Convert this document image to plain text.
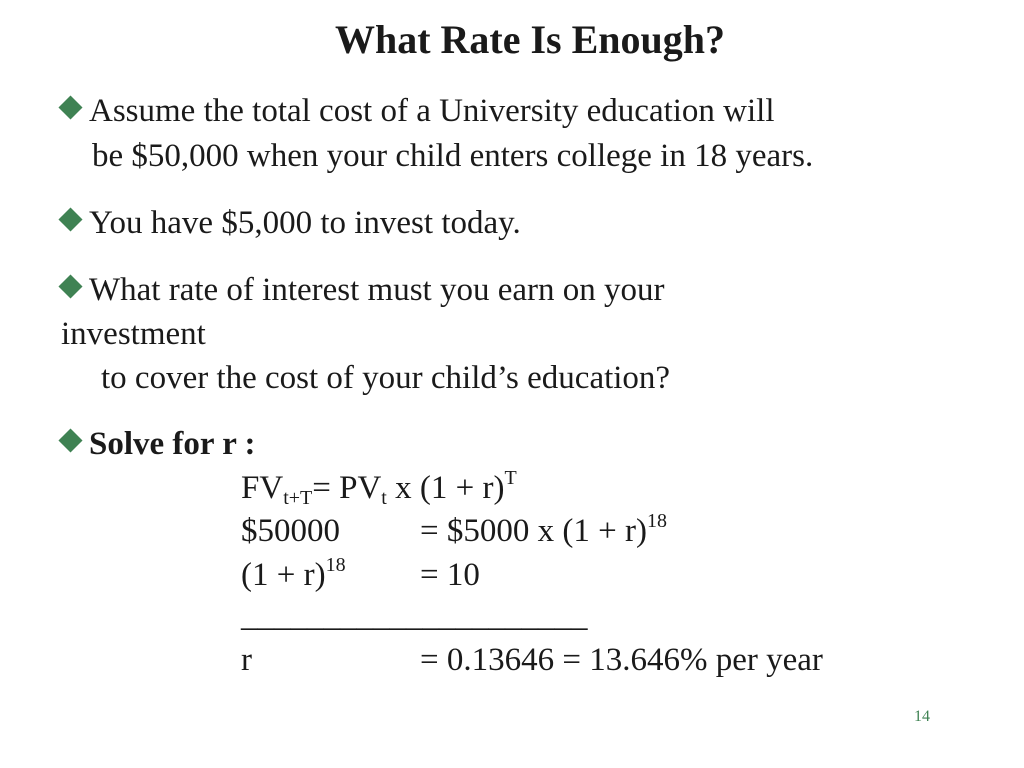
What Rate Is Enough?
Assume the total cost of a University education will
be $50,000 when your child enters college in 18 years.
You have $5,000 to invest today.
What rate of interest must you earn on your
investment
to cover the cost of your child’s education?
Solve for r :
$FV_{t+T}= PV_t$ x $(1 + r)^T$
$50000 = $5000 x $(1 + r)^{18}$
$(1 + r)^{18} = 10$
_____________________
r	= 0.13646 = 13.646% per year
14
